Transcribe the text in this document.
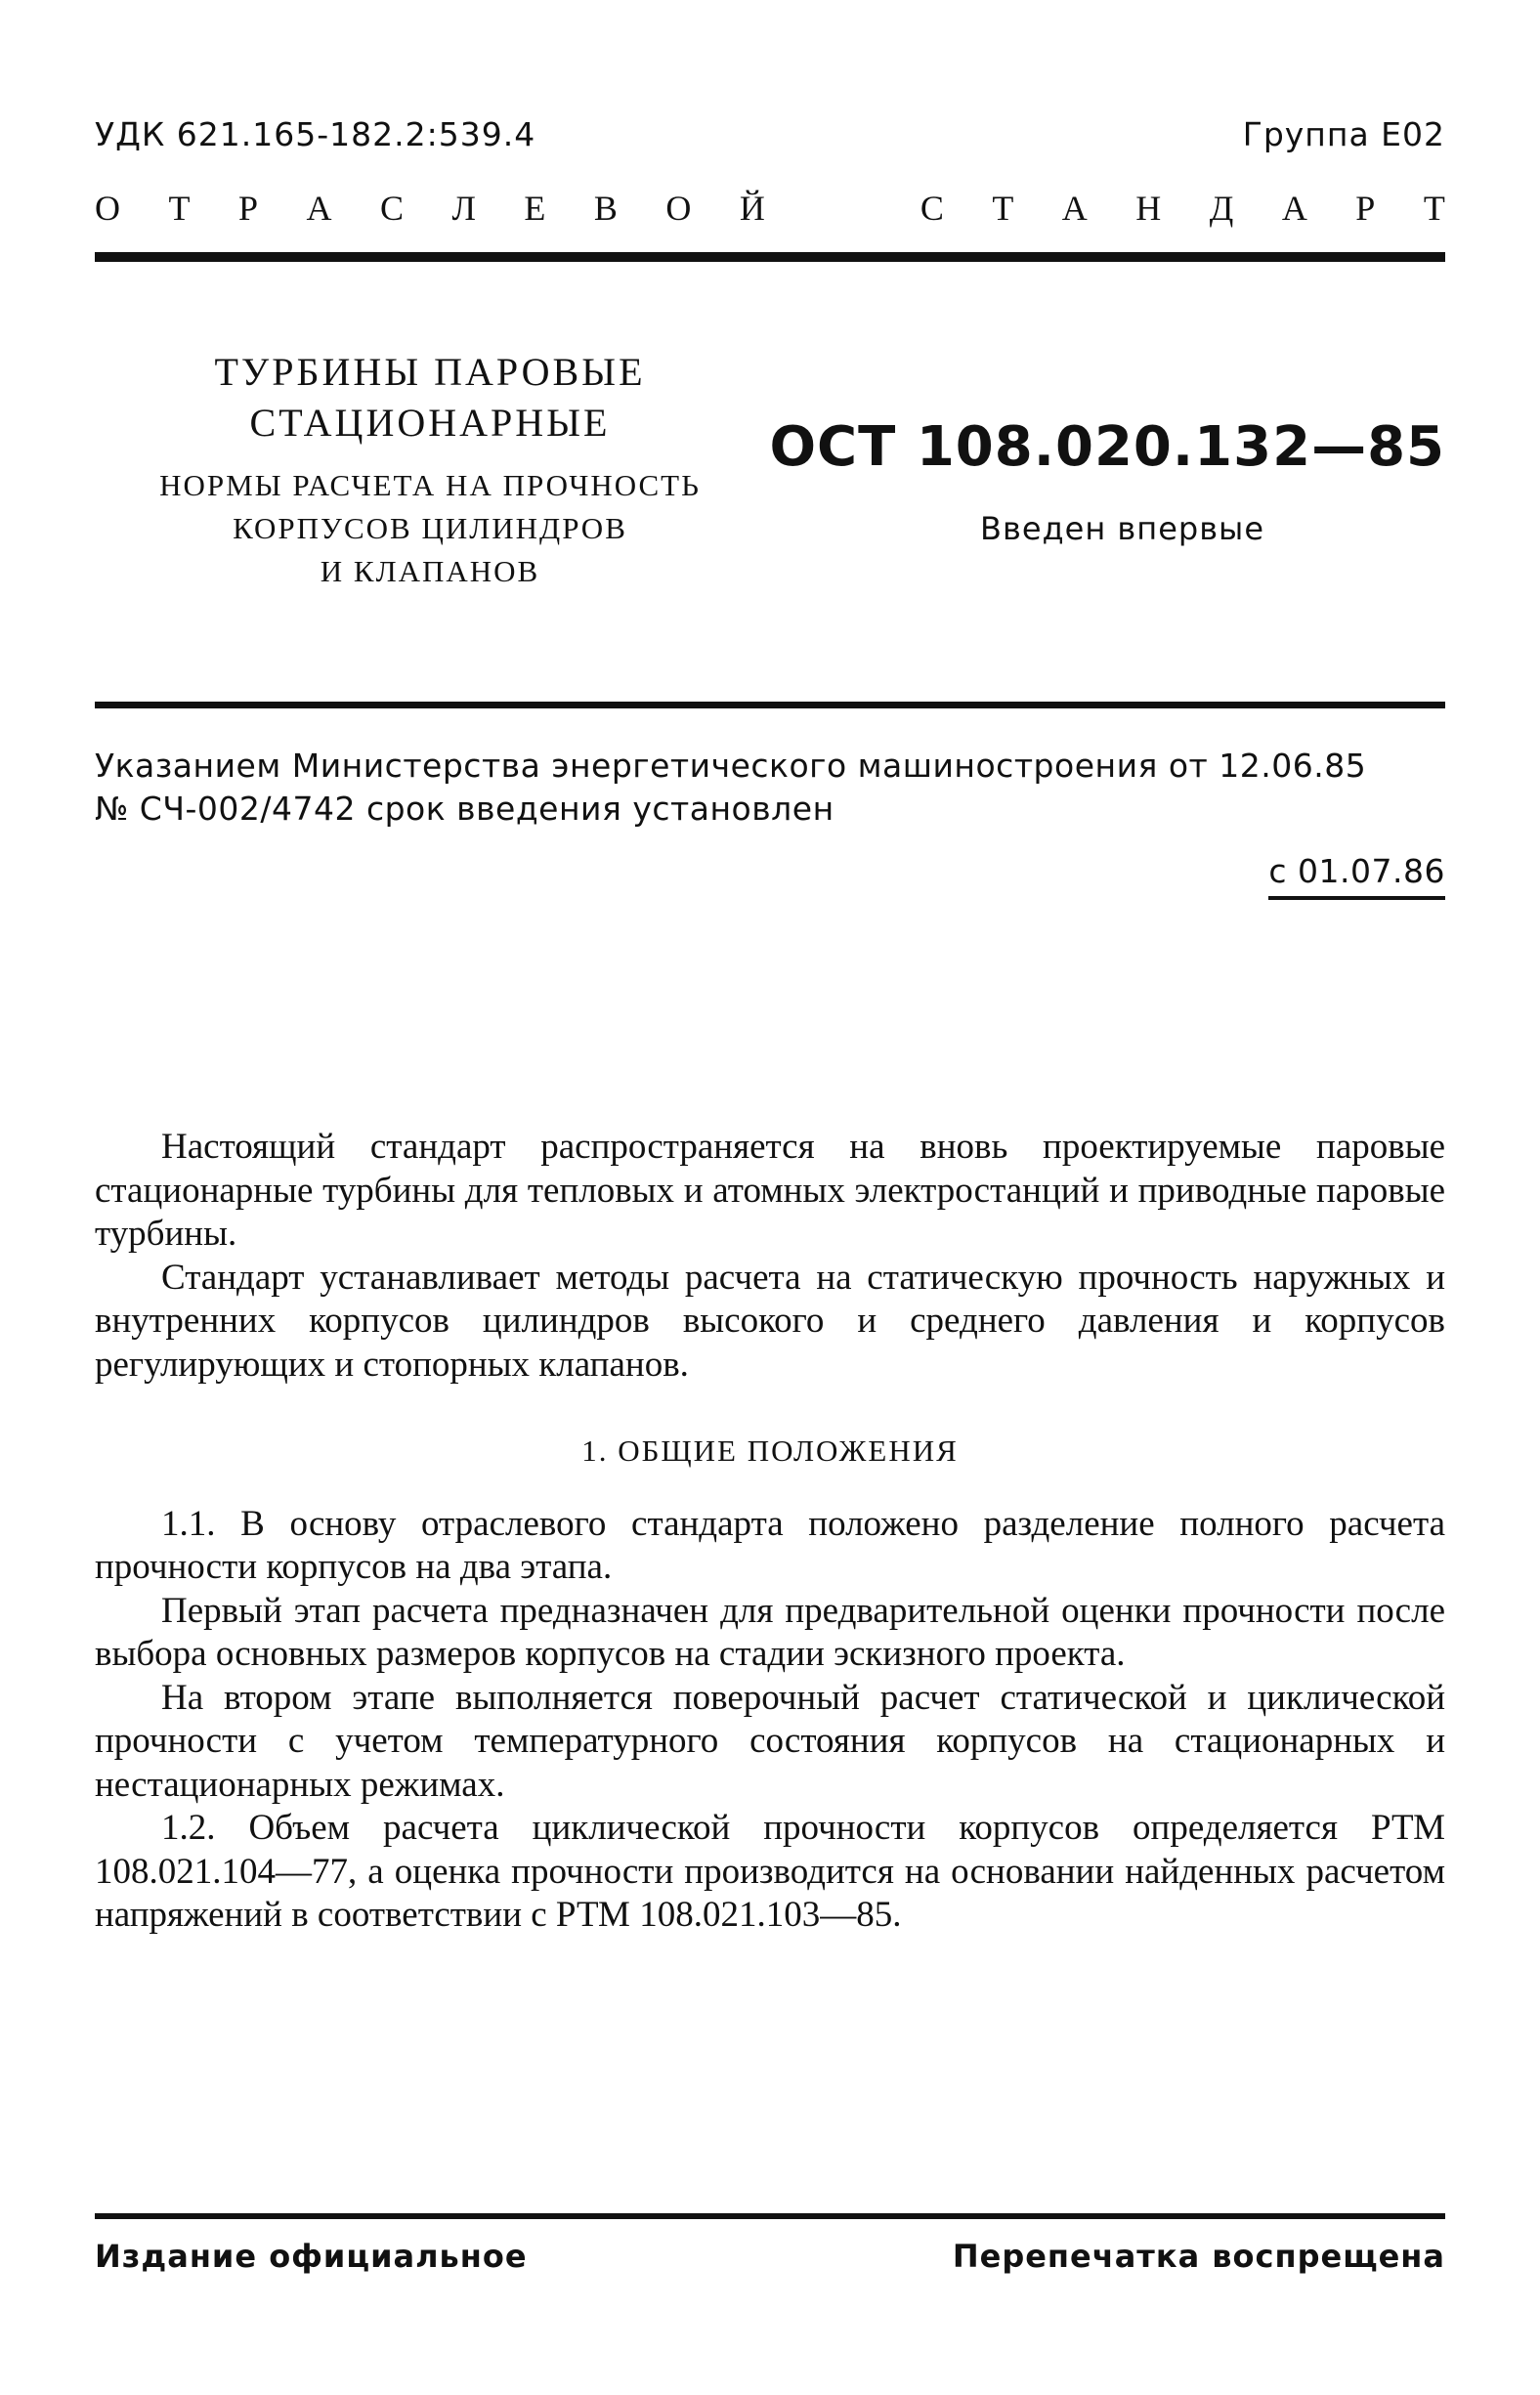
УДК 621.165-182.2:539.4	Группа Е02
О Т Р А С Л Е В О Й	С Т А Н Д А Р Т
ТУРБИНЫ ПАРОВЫЕ
СТАЦИОНАРНЫЕ
НОРМЫ РАСЧЕТА НА ПРОЧНОСТЬ
КОРПУСОВ ЦИЛИНДРОВ
И КЛАПАНОВ
ОСТ 108.020.132—85
Введен впервые
Указанием Министерства энергетического машиностроения от 12.06.85
№ СЧ-002/4742 срок введения установлен
с 01.07.86

Настоящий стандарт распространяется на вновь проектируемые паровые стационарные турбины для тепловых и атомных электростанций и приводные паровые турбины.

Стандарт устанавливает методы расчета на статическую прочность наружных и внутренних корпусов цилиндров высокого и среднего давления и корпусов регулирующих и стопорных клапанов.

1. ОБЩИЕ ПОЛОЖЕНИЯ

1.1. В основу отраслевого стандарта положено разделение полного расчета прочности корпусов на два этапа.

Первый этап расчета предназначен для предварительной оценки прочности после выбора основных размеров корпусов на стадии эскизного проекта.

На втором этапе выполняется поверочный расчет статической и циклической прочности с учетом температурного состояния корпусов на стационарных и нестационарных режимах.

1.2. Объем расчета циклической прочности корпусов определяется РТМ 108.021.104—77, а оценка прочности производится на основании найденных расчетом напряжений в соответствии с РТМ 108.021.103—85.

Издание официальное	Перепечатка воспрещена
